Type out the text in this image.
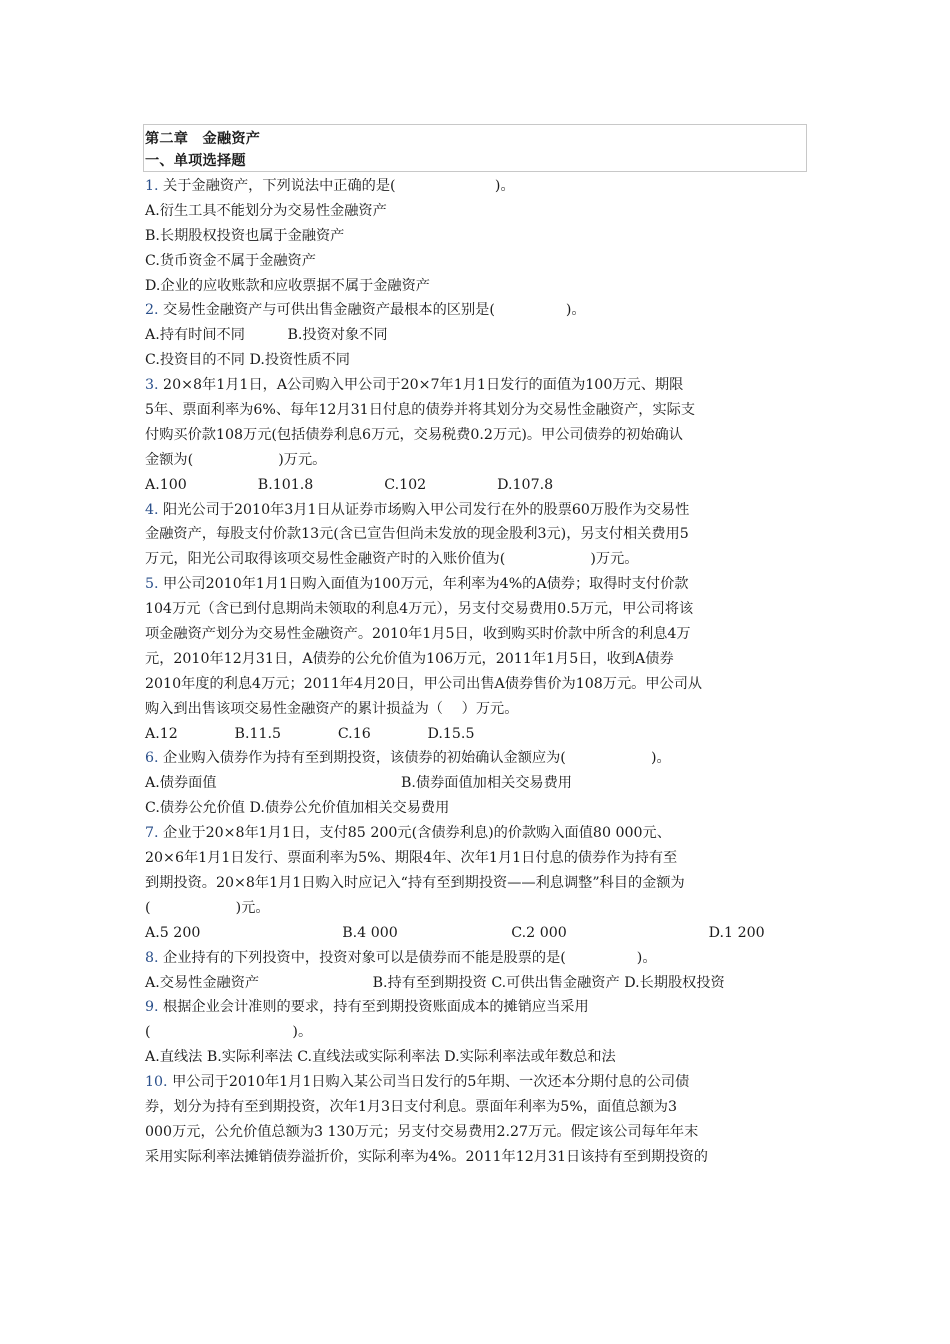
第二章　金融资产
一、单项选择题
1. 关于金融资产，下列说法中正确的是(　　　　　　　)。
A.衍生工具不能划分为交易性金融资产
B.长期股权投资也属于金融资产
C.货币资金不属于金融资产
D.企业的应收账款和应收票据不属于金融资产
2. 交易性金融资产与可供出售金融资产最根本的区别是(　　　　　)。
A.持有时间不同　　　B.投资对象不同
C.投资目的不同 D.投资性质不同
3. 20×8年1月1日，A公司购入甲公司于20×7年1月1日发行的面值为100万元、期限
5年、票面利率为6%、每年12月31日付息的债券并将其划分为交易性金融资产，实际支
付购买价款108万元(包括债券利息6万元，交易税费0.2万元)。甲公司债券的初始确认
金额为(　　　　　　)万元。
A.100　　　　　B.101.8　　　　　C.102　　　　　D.107.8
4. 阳光公司于2010年3月1日从证券市场购入甲公司发行在外的股票60万股作为交易性
金融资产，每股支付价款13元(含已宣告但尚未发放的现金股利3元)，另支付相关费用5
万元，阳光公司取得该项交易性金融资产时的入账价值为(　　　　　　)万元。
5. 甲公司2010年1月1日购入面值为100万元，年利率为4%的A债券；取得时支付价款
104万元（含已到付息期尚未领取的利息4万元），另支付交易费用0.5万元，甲公司将该
项金融资产划分为交易性金融资产。2010年1月5日，收到购买时价款中所含的利息4万
元，2010年12月31日，A债券的公允价值为106万元，2011年1月5日，收到A债券
2010年度的利息4万元；2011年4月20日，甲公司出售A债券售价为108万元。甲公司从
购入到出售该项交易性金融资产的累计损益为（　 ）万元。
A.12　　　　B.11.5　　　　C.16　　　　D.15.5
6. 企业购入债券作为持有至到期投资，该债券的初始确认金额应为(　　　　　　)。
A.债券面值　　　　　　　　　　　　　B.债券面值加相关交易费用
C.债券公允价值 D.债券公允价值加相关交易费用
7. 企业于20×8年1月1日，支付85 200元(含债券利息)的价款购入面值80 000元、
20×6年1月1日发行、票面利率为5%、期限4年、次年1月1日付息的债券作为持有至
到期投资。20×8年1月1日购入时应记入“持有至到期投资——利息调整”科目的金额为
(　　　　　　)元。
A.5 200　　　　　　　　　　B.4 000　　　　　　　　C.2 000　　　　　　　　　　D.1 200
8. 企业持有的下列投资中，投资对象可以是债券而不能是股票的是(　　　　　)。
A.交易性金融资产　　　　　　　　B.持有至到期投资 C.可供出售金融资产 D.长期股权投资
9. 根据企业会计准则的要求，持有至到期投资账面成本的摊销应当采用
(　　　　　　　　　　)。
A.直线法 B.实际利率法 C.直线法或实际利率法 D.实际利率法或年数总和法
10. 甲公司于2010年1月1日购入某公司当日发行的5年期、一次还本分期付息的公司债
券，划分为持有至到期投资，次年1月3日支付利息。票面年利率为5%，面值总额为3
000万元，公允价值总额为3 130万元；另支付交易费用2.27万元。假定该公司每年年末
采用实际利率法摊销债券溢折价，实际利率为4%。2011年12月31日该持有至到期投资的
